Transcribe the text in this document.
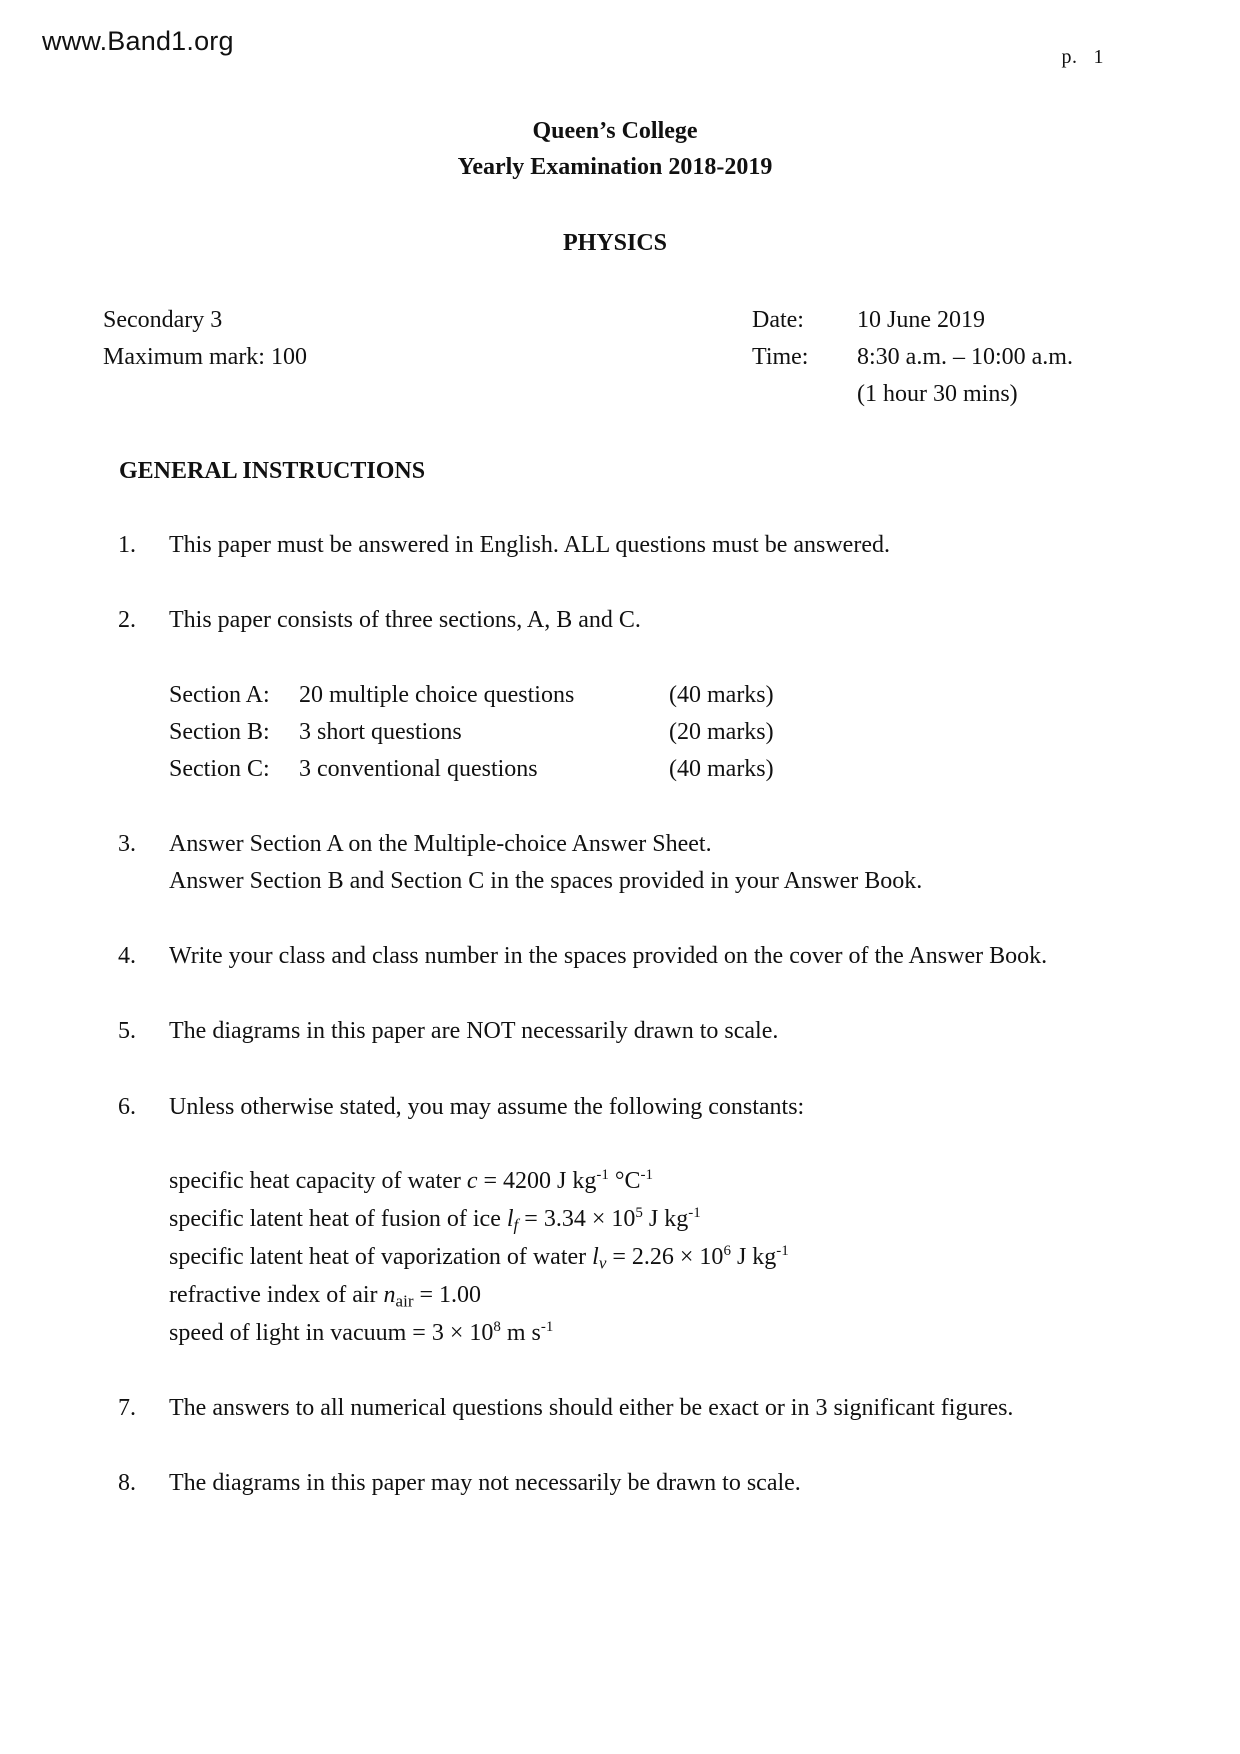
www.Band1.org
p. 1
Queen’s College
Yearly Examination 2018-2019
PHYSICS
Secondary 3
Maximum mark: 100
Date: 10 June 2019
Time: 8:30 a.m. – 10:00 a.m.
(1 hour 30 mins)
GENERAL INSTRUCTIONS
1. This paper must be answered in English. ALL questions must be answered.
2. This paper consists of three sections, A, B and C.
Section A: 20 multiple choice questions	(40 marks)
Section B: 3 short questions	(20 marks)
Section C: 3 conventional questions	(40 marks)
3. Answer Section A on the Multiple-choice Answer Sheet.
Answer Section B and Section C in the spaces provided in your Answer Book.
4. Write your class and class number in the spaces provided on the cover of the Answer Book.
5. The diagrams in this paper are NOT necessarily drawn to scale.
6. Unless otherwise stated, you may assume the following constants:
specific heat capacity of water c = 4200 J $kg^{-1}$ $^\circ C^{-1}$
specific latent heat of fusion of ice $l_f = 3.34 \times 10^5$ J $kg^{-1}$
specific latent heat of vaporization of water $l_v = 2.26 \times 10^6$ J $kg^{-1}$
refractive index of air $n_{air} = 1.00$
speed of light in vacuum = $3 \times 10^8$ m $s^{-1}$
7. The answers to all numerical questions should either be exact or in 3 significant figures.
8. The diagrams in this paper may not necessarily be drawn to scale.
